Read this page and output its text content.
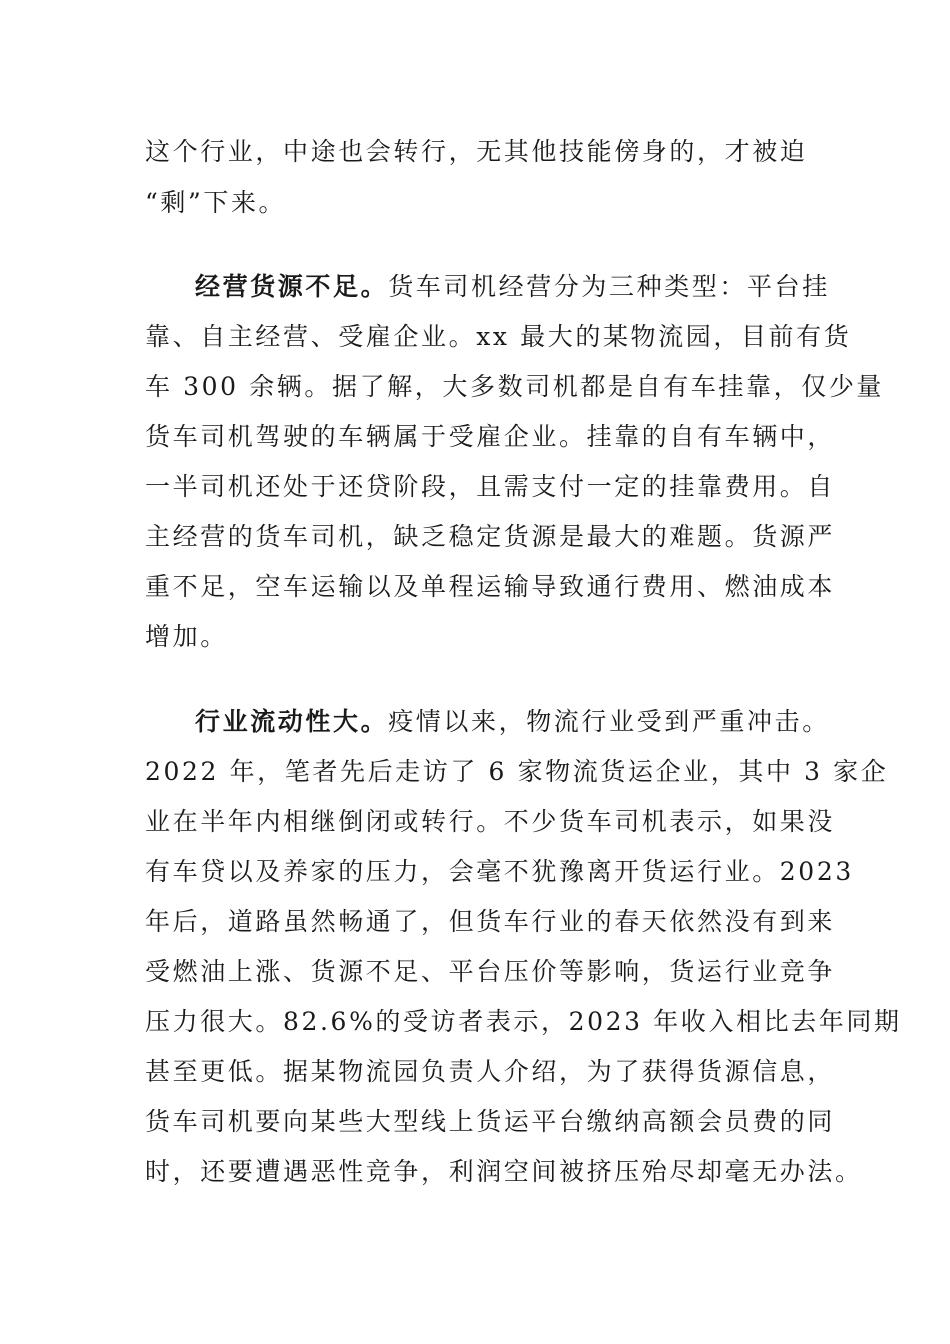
这个行业，中途也会转行，无其他技能傍身的，才被迫
“剩”下来。
经营货源不足。货车司机经营分为三种类型：平台挂
靠、自主经营、受雇企业。xx 最大的某物流园，目前有货
车 300 余辆。据了解，大多数司机都是自有车挂靠，仅少量
货车司机驾驶的车辆属于受雇企业。挂靠的自有车辆中，
一半司机还处于还贷阶段，且需支付一定的挂靠费用。自
主经营的货车司机，缺乏稳定货源是最大的难题。货源严
重不足，空车运输以及单程运输导致通行费用、燃油成本
增加。
行业流动性大。疫情以来，物流行业受到严重冲击。
2022 年，笔者先后走访了 6 家物流货运企业，其中 3 家企
业在半年内相继倒闭或转行。不少货车司机表示，如果没
有车贷以及养家的压力，会毫不犹豫离开货运行业。2023
年后，道路虽然畅通了，但货车行业的春天依然没有到来
受燃油上涨、货源不足、平台压价等影响，货运行业竞争
压力很大。82.6%的受访者表示，2023 年收入相比去年同期
甚至更低。据某物流园负责人介绍，为了获得货源信息，
货车司机要向某些大型线上货运平台缴纳高额会员费的同
时，还要遭遇恶性竞争，利润空间被挤压殆尽却毫无办法。
